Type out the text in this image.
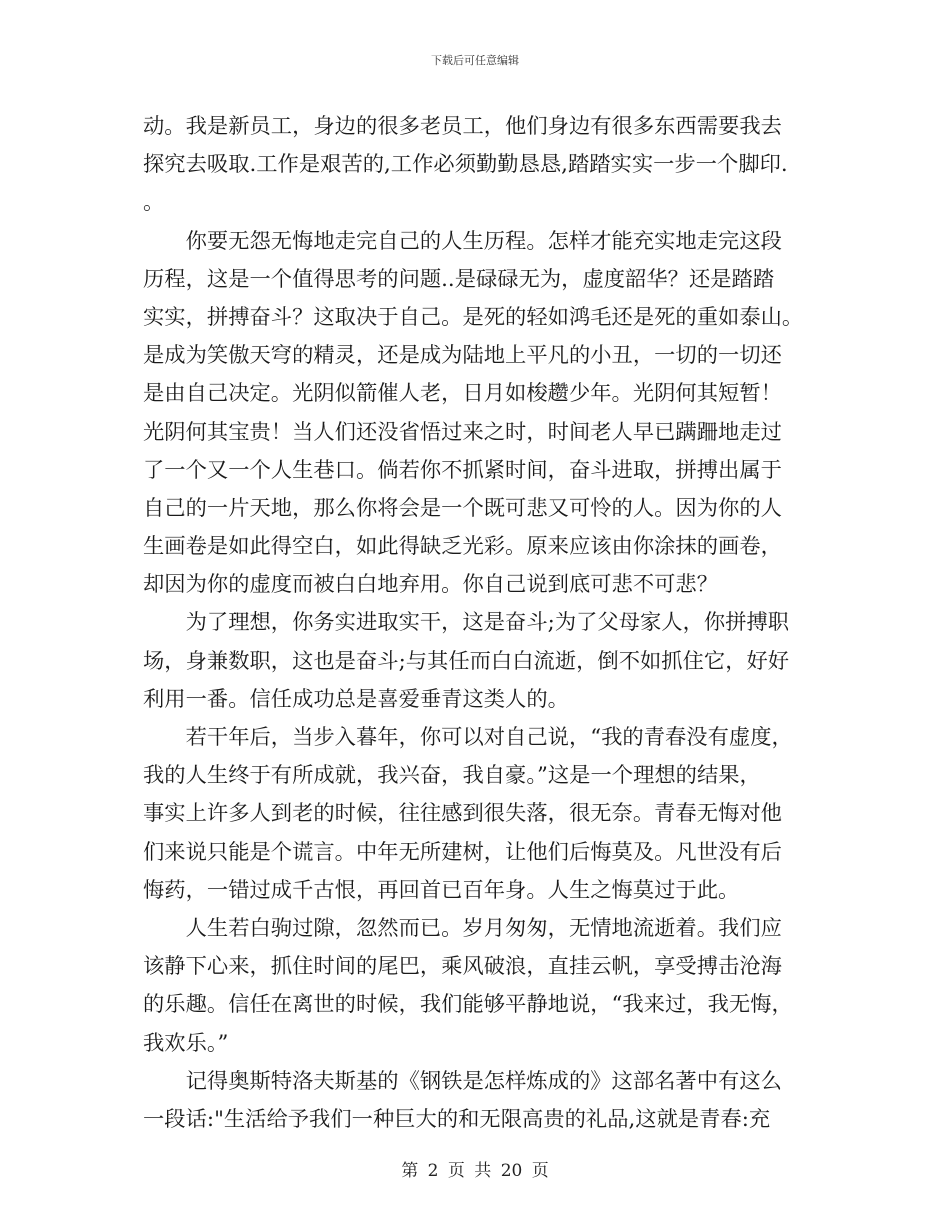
下载后可任意编辑
动。我是新员工，身边的很多老员工，他们身边有很多东西需要我去
探究去吸取.工作是艰苦的,工作必须勤勤恳恳,踏踏实实一步一个脚印.
。
　　你要无怨无悔地走完自己的人生历程。怎样才能充实地走完这段
历程，这是一个值得思考的问题..是碌碌无为，虚度韶华？还是踏踏
实实，拼搏奋斗？这取决于自己。是死的轻如鸿毛还是死的重如泰山。
是成为笑傲天穹的精灵，还是成为陆地上平凡的小丑，一切的一切还
是由自己决定。光阴似箭催人老，日月如梭趱少年。光阴何其短暂！
光阴何其宝贵！当人们还没省悟过来之时，时间老人早已蹒跚地走过
了一个又一个人生巷口。倘若你不抓紧时间，奋斗进取，拼搏出属于
自己的一片天地，那么你将会是一个既可悲又可怜的人。因为你的人
生画卷是如此得空白，如此得缺乏光彩。原来应该由你涂抹的画卷，
却因为你的虚度而被白白地弃用。你自己说到底可悲不可悲？
　　为了理想，你务实进取实干，这是奋斗;为了父母家人，你拼搏职
场，身兼数职，这也是奋斗;与其任而白白流逝，倒不如抓住它，好好
利用一番。信任成功总是喜爱垂青这类人的。
　　若干年后，当步入暮年，你可以对自己说，“我的青春没有虚度，
我的人生终于有所成就，我兴奋，我自豪。”这是一个理想的结果，
事实上许多人到老的时候，往往感到很失落，很无奈。青春无悔对他
们来说只能是个谎言。中年无所建树，让他们后悔莫及。凡世没有后
悔药，一错过成千古恨，再回首已百年身。人生之悔莫过于此。
　　人生若白驹过隙，忽然而已。岁月匆匆，无情地流逝着。我们应
该静下心来，抓住时间的尾巴，乘风破浪，直挂云帆，享受搏击沧海
的乐趣。信任在离世的时候，我们能够平静地说，“我来过，我无悔，
我欢乐。”
　　记得奥斯特洛夫斯基的《钢铁是怎样炼成的》这部名著中有这么
一段话:"生活给予我们一种巨大的和无限高贵的礼品,这就是青春:充
第 2 页 共 20 页
